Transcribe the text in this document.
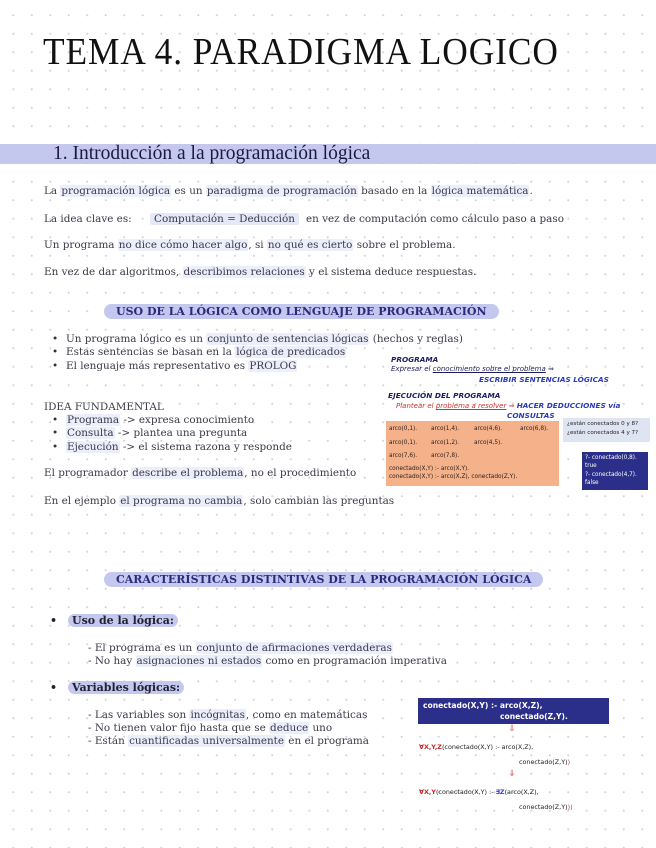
TEMA 4. PARADIGMA LOGICO
1. Introducción a la programación lógica
La programación lógica es un paradigma de programación basado en la lógica matemática.
La idea clave es:	Computación = Deducción	en vez de computación como cálculo paso a paso
Un programa no dice cómo hacer algo, si no qué es cierto sobre el problema.
En vez de dar algoritmos, describimos relaciones y el sistema deduce respuestas.
USO DE LA LÓGICA COMO LENGUAJE DE PROGRAMACIÓN
• Un programa lógico es un conjunto de sentencias lógicas (hechos y reglas)
• Estas sentencias se basan en la lógica de predicados
• El lenguaje más representativo es PROLOG
IDEA FUNDAMENTAL
• Programa -> expresa conocimiento
• Consulta -> plantea una pregunta
• Ejecución -> el sistema razona y responde
El programador describe el problema, no el procedimiento
En el ejemplo el programa no cambia, solo cambian las preguntas
PROGRAMA
Expresar el conocimiento sobre el problema ⇒
ESCRIBIR SENTENCIAS LÓGICAS
EJECUCIÓN DEL PROGRAMA
Plantear el problema a resolver ⇒ HACER DEDUCCIONES vía
CONSULTAS
arco(0,1). arco(1,4).	arco(4,6).	arco(6,8).
arco(0,1). arco(1,2).	arco(4,5).
arco(7,6). arco(7,8).
conectado(X,Y) :- arco(X,Y).
conectado(X,Y) :- arco(X,Z), conectado(Z,Y).
¿están conectados 0 y 8?
¿están conectados 4 y 7?
?- conectado(0,8).
true
?- conectado(4,7).
false
CARACTERÍSTICAS DISTINTIVAS DE LA PROGRAMACIÓN LÓGICA
• Uso de la lógica:
- El programa es un conjunto de afirmaciones verdaderas
- No hay asignaciones ni estados como en programación imperativa
• Variables lógicas:
- Las variables son incógnitas, como en matemáticas
- No tienen valor fijo hasta que se deduce uno
- Están cuantificadas universalmente en el programa
conectado(X,Y) :- arco(X,Z),
conectado(Z,Y).
⇓
∀X,Y,Z(conectado(X,Y) :- arco(X,Z),
conectado(Z,Y))
⇓
∀X,Y(conectado(X,Y) :- ∃Z(arco(X,Z),
conectado(Z,Y)))
